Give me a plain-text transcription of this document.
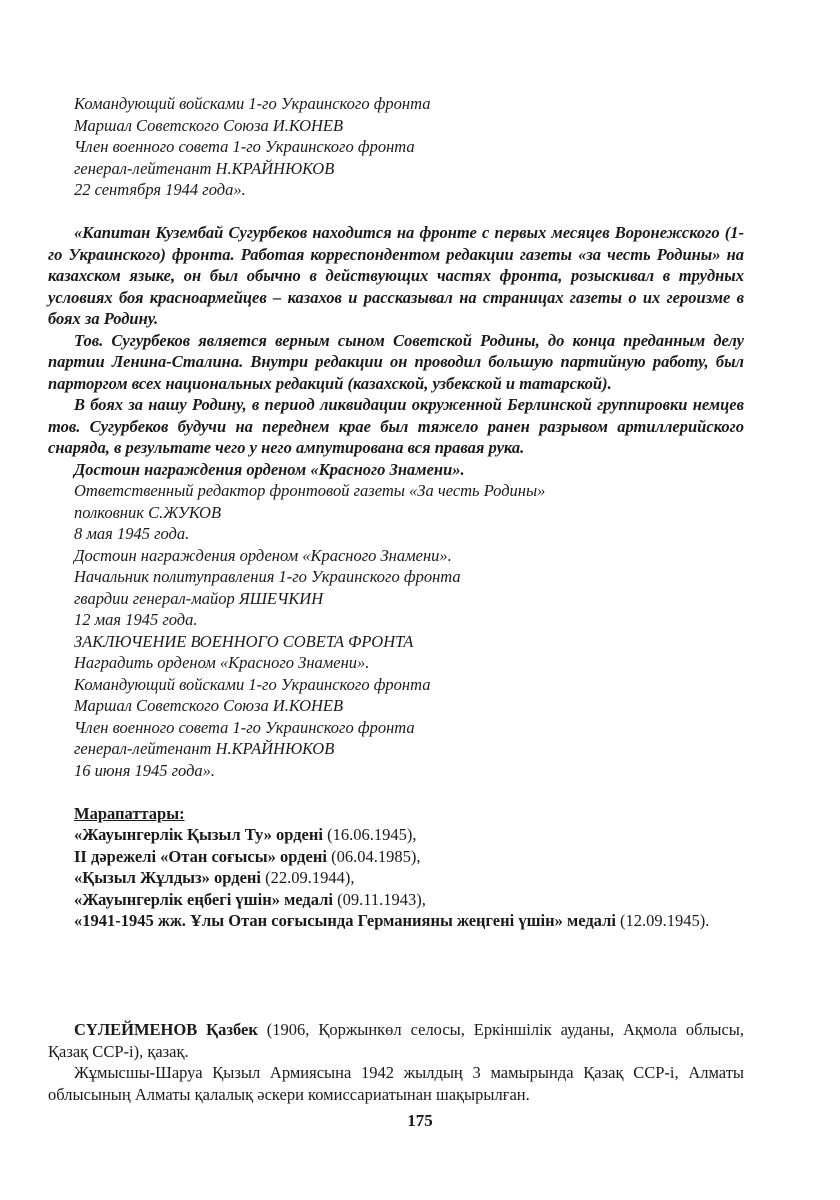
Командующий войсками 1-го Украинского фронта

Маршал Советского Союза И.КОНЕВ

Член военного совета 1-го Украинского фронта

генерал-лейтенант Н.КРАЙНЮКОВ

22 сентября 1944 года».

«Капитан Кузембай Сугурбеков находится на фронте с первых месяцев Воронежского (1-го Украинского) фронта. Работая корреспондентом редакции газеты «за честь Родины» на казахском языке, он был обычно в действующих частях фронта, розыскивал в трудных условиях боя красноармейцев – казахов и рассказывал на страницах газеты о их героизме в боях за Родину.

Тов. Сугурбеков является верным сыном Советской Родины, до конца преданным делу партии Ленина-Сталина. Внутри редакции он проводил большую партийную работу, был парторгом всех национальных редакций (казахской, узбекской и татарской).

В боях за нашу Родину, в период ликвидации окруженной Берлинской группировки немцев тов. Сугурбеков будучи на переднем крае был тяжело ранен разрывом артиллерийского снаряда, в результате чего у него ампутирована вся правая рука.

Достоин награждения орденом «Красного Знамени».

Ответственный редактор фронтовой газеты «За честь Родины»

полковник С.ЖУКОВ

8 мая 1945 года.

Достоин награждения орденом «Красного Знамени».

Начальник политуправления 1-го Украинского фронта

гвардии генерал-майор ЯШЕЧКИН

12 мая 1945 года.

ЗАКЛЮЧЕНИЕ ВОЕННОГО СОВЕТА ФРОНТА

Наградить орденом «Красного Знамени».

Командующий войсками 1-го Украинского фронта

Маршал Советского Союза И.КОНЕВ

Член военного совета 1-го Украинского фронта

генерал-лейтенант Н.КРАЙНЮКОВ

16 июня 1945 года».

Марапаттары:

«Жауынгерлік Қызыл Ту» ордені (16.06.1945),

II дәрежелі «Отан соғысы» ордені (06.04.1985),

«Қызыл Жұлдыз» ордені (22.09.1944),

«Жауынгерлік еңбегі үшін» медалі (09.11.1943),

«1941-1945 жж. Ұлы Отан соғысында Германияны жеңгені үшін» медалі (12.09.1945).

СҮЛЕЙМЕНОВ Қазбек (1906, Қоржынкөл селосы, Еркіншілік ауданы, Ақмола облысы, Қазақ ССР-і), қазақ.

Жұмысшы-Шаруа Қызыл Армиясына 1942 жылдың 3 мамырында Қазақ ССР-і, Алматы облысының Алматы қалалық әскери комиссариатынан шақырылған.

175
